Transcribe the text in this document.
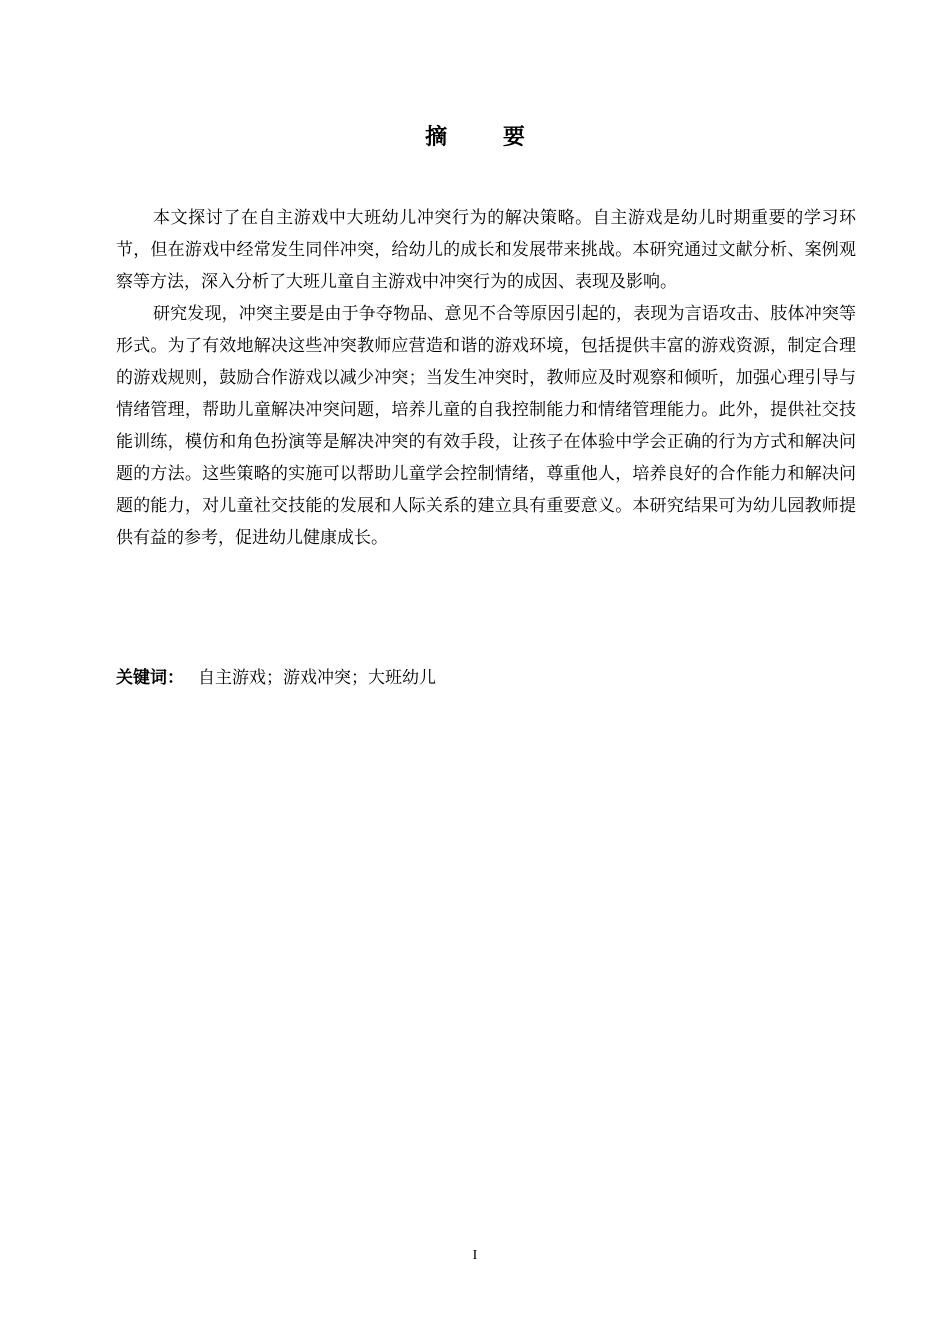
摘 要

本文探讨了在自主游戏中大班幼儿冲突行为的解决策略。自主游戏是幼儿时期重要的学习环节，但在游戏中经常发生同伴冲突，给幼儿的成长和发展带来挑战。本研究通过文献分析、案例观察等方法，深入分析了大班儿童自主游戏中冲突行为的成因、表现及影响。

研究发现，冲突主要是由于争夺物品、意见不合等原因引起的，表现为言语攻击、肢体冲突等形式。为了有效地解决这些冲突教师应营造和谐的游戏环境，包括提供丰富的游戏资源，制定合理的游戏规则，鼓励合作游戏以减少冲突；当发生冲突时，教师应及时观察和倾听，加强心理引导与情绪管理，帮助儿童解决冲突问题，培养儿童的自我控制能力和情绪管理能力。此外，提供社交技能训练，模仿和角色扮演等是解决冲突的有效手段，让孩子在体验中学会正确的行为方式和解决问题的方法。这些策略的实施可以帮助儿童学会控制情绪，尊重他人，培养良好的合作能力和解决问题的能力，对儿童社交技能的发展和人际关系的建立具有重要意义。本研究结果可为幼儿园教师提供有益的参考，促进幼儿健康成长。

关键词： 自主游戏；游戏冲突；大班幼儿
I
